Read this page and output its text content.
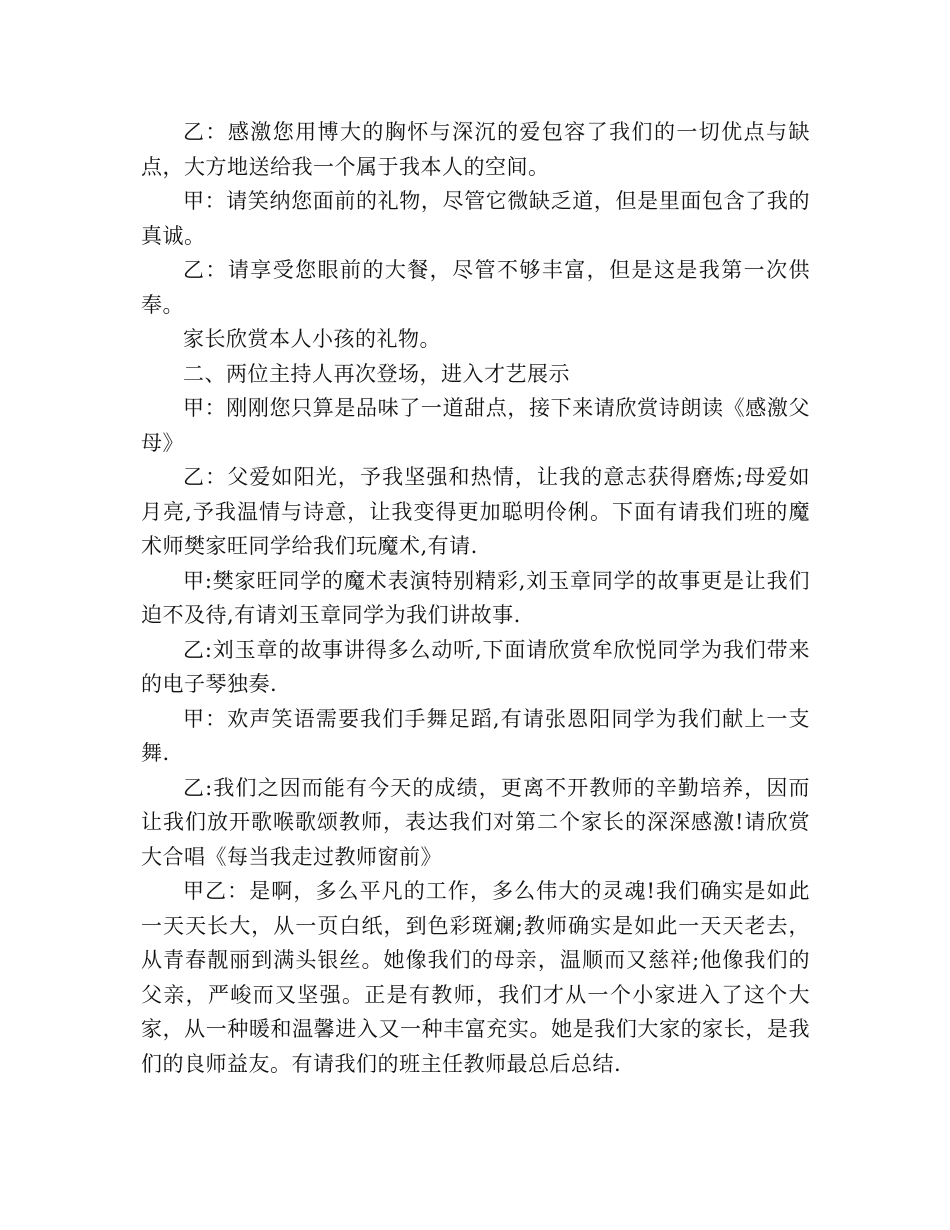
乙：感激您用博大的胸怀与深沉的爱包容了我们的一切优点与缺点，大方地送给我一个属于我本人的空间。

甲：请笑纳您面前的礼物，尽管它微缺乏道，但是里面包含了我的真诚。

乙：请享受您眼前的大餐，尽管不够丰富，但是这是我第一次供奉。

家长欣赏本人小孩的礼物。

二、两位主持人再次登场，进入才艺展示

甲：刚刚您只算是品味了一道甜点，接下来请欣赏诗朗读《感激父母》

乙：父爱如阳光，予我坚强和热情，让我的意志获得磨炼;母爱如月亮,予我温情与诗意，让我变得更加聪明伶俐。下面有请我们班的魔术师樊家旺同学给我们玩魔术,有请.

甲:樊家旺同学的魔术表演特别精彩,刘玉章同学的故事更是让我们迫不及待,有请刘玉章同学为我们讲故事.

乙:刘玉章的故事讲得多么动听,下面请欣赏牟欣悦同学为我们带来的电子琴独奏.

甲：欢声笑语需要我们手舞足蹈,有请张恩阳同学为我们献上一支舞.

乙:我们之因而能有今天的成绩，更离不开教师的辛勤培养，因而让我们放开歌喉歌颂教师，表达我们对第二个家长的深深感激!请欣赏大合唱《每当我走过教师窗前》

甲乙：是啊，多么平凡的工作，多么伟大的灵魂!我们确实是如此一天天长大，从一页白纸，到色彩斑斓;教师确实是如此一天天老去，从青春靓丽到满头银丝。她像我们的母亲，温顺而又慈祥;他像我们的父亲，严峻而又坚强。正是有教师，我们才从一个小家进入了这个大家，从一种暖和温馨进入又一种丰富充实。她是我们大家的家长，是我们的良师益友。有请我们的班主任教师最总后总结.
